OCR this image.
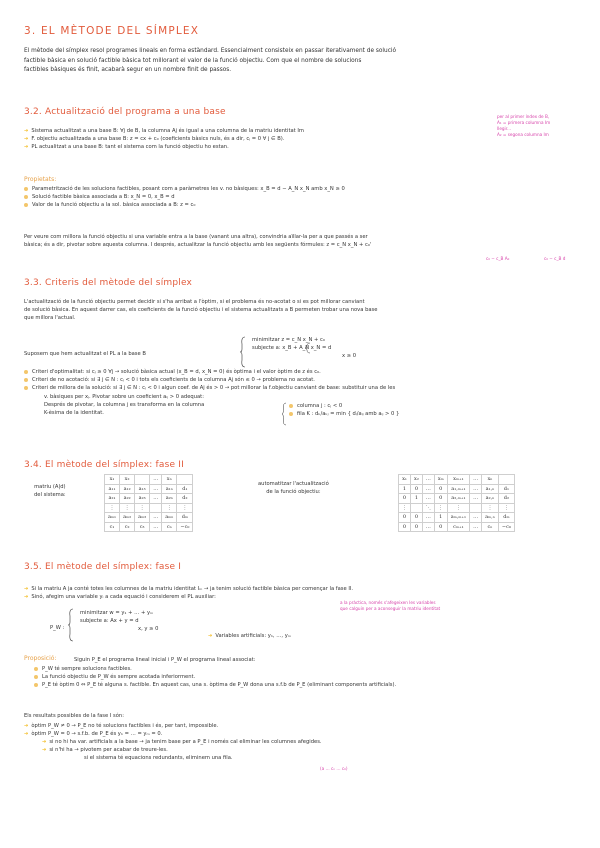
3. EL MÈTODE DEL SÍMPLEX
El mètode del símplex resol programes lineals en forma estàndard. Essencialment consisteix en passar iterativament de solució
factible bàsica en solució factible bàsica tot millorant el valor de la funció objectiu. Com que el nombre de solucions
factibles bàsiques és finit, acabarà segur en un nombre finit de passos.
3.2. Actualització del programa a una base
➜ Sistema actualitzat a una base B: ∀j de B, la columna Aj és igual a una columna de la matriu identitat Im
➜ F. objectiu actualitzada a una base B: z = cx + c₀ (coeficients bàsics nuls, és a dir, cⱼ = 0 ∀ j ∈ B).
➜ PL actualitzat a una base B: tant el sistema com la funció objectiu ho estan.
per al primer índex de B,
A₁ = primera columna Im
llegir...
A₂ = segona columna Im
Propietats:
Parametrització de les solucions factibles, posant com a paràmetres les v. no bàsiques: x_B = d − A_N x_N amb x_N ≥ 0
Solució factible bàsica associada a B: x_N = 0, x_B = d
Valor de la funció objectiu a la sol. bàsica associada a B: z = c₀
Per veure com millora la funció objectiu si una variable entra a la base (vanant una altra), convindria aïllar-la per a que passés a ser
bàsica; és a dir, pivotar sobre aquesta columna. I després, actualitzar la funció objectiu amb les següents fórmules: z = c_N x_N + c₀'
c₀ − c_B A₀	c₀ − c_B d
3.3. Criteris del mètode del símplex
L'actualització de la funció objectiu permet decidir si s'ha arribat a l'òptim, si el problema és no-acotat o si es pot millorar canviant
de solució bàsica. En aquest darrer cas, els coeficients de la funció objectiu i el sistema actualitzats a B permeten trobar una nova base
que millora l'actual.
Suposem que hem actualitzat el PL a la base B
minimitzar z = c_N x_N + c₀
subjecte a: x_B + A_N x_N = d
x ≥ 0
Criteri d'optimalitat: si cⱼ ≥ 0 ∀j → solució bàsica actual (x_B = d, x_N = 0) és òptima i el valor òptim de z és c₀.
Criteri de no acotació: si ∃ j ∈ N : cⱼ < 0 i tots els coeficients de la columna Aj són ≤ 0 → problema no acotat.
Criteri de millora de la solució: si ∃ j ∈ N : cⱼ < 0 i algun coef. de Aj és > 0 → pot millorar la f.objectiu canviant de base: substituir una de les
v. bàsiques per xⱼ. Pivotar sobre un coeficient aᵢⱼ > 0 adequat:
Després de pivotar, la columna j es transforma en la columna
K-èsima de la identitat.
columna j : cⱼ < 0
fila K : dₖ/aₖⱼ = min { dᵢ/aᵢⱼ amb aᵢⱼ > 0 }
3.4. El mètode del símplex: fase II
matriu (A|d)
del sistema:
x₁	x₂		…	xₙ	
a₁₁	a₁₂	a₁₃	…	a₁ₙ	d₁
a₂₁	a₂₂	a₂₃	…	a₂ₙ	d₂
⋮	⋮	⋮		⋮	⋮
aₘ₁	aₘ₂	aₘ₃	…	aₘₙ	dₘ
c₁	c₂	c₃	…	cₙ	−c₀
automatitzar l'actualització
de la funció objectiu:
x₁	x₂	…	xₘ	xₘ₊₁	…	xₙ	
1	0	…	0	a₁,ₘ₊₁	…	a₁,ₙ	d₁
0	1	…	0	a₂,ₘ₊₁	…	a₂,ₙ	d₂
⋮		⋱	⋮	⋮		⋮	⋮
0	0	…	1	aₘ,ₘ₊₁	…	aₘ,ₙ	dₘ
0	0	…	0	cₘ₊₁	…	cₙ	−c₀
3.5. El mètode del símplex: fase I
➜ Si la matriu A ja conté totes les columnes de la matriu identitat Iₘ → ja tenim solució factible bàsica per començar la fase II.
➜ Sinó, afegim una variable yᵢ a cada equació i considerem el PL auxiliar:
a la pràctica, només s'afegeixen les variables
que calguin per a aconseguir la matriu identitat
P_W :
minimitzar w = y₁ + … + yₘ
subjecte a: Ax + y = d
x, y ≥ 0
➜ Variables artificials: y₁, …, yₘ
Proposició:	Siguin P_E el programa lineal inicial i P_W el programa lineal associat:
P_W té sempre solucions factibles.
La funció objectiu de P_W és sempre acotada inferiorment.
P_E té òptim 0 ⇔ P_E té alguna s. factible. En aquest cas, una s. òptima de P_W dona una s.f.b de P_E (eliminant components artificials).
Els resultats possibles de la fase I són:
➜ òptim P_W ≠ 0 → P_E no té solucions factibles i és, per tant, impossible.
➜ òptim P_W = 0 → s.f.b. de P_E és y₁ = … = yₘ = 0.
➜ si no hi ha var. artificials a la base → ja tenim base per a P_E i només cal eliminar les columnes afegides.
➜ si n'hi ha → pivotem per acabar de treure-les.
si el sistema té equacions redundants, eliminem una fila.
(a … cₙ … c₀)
